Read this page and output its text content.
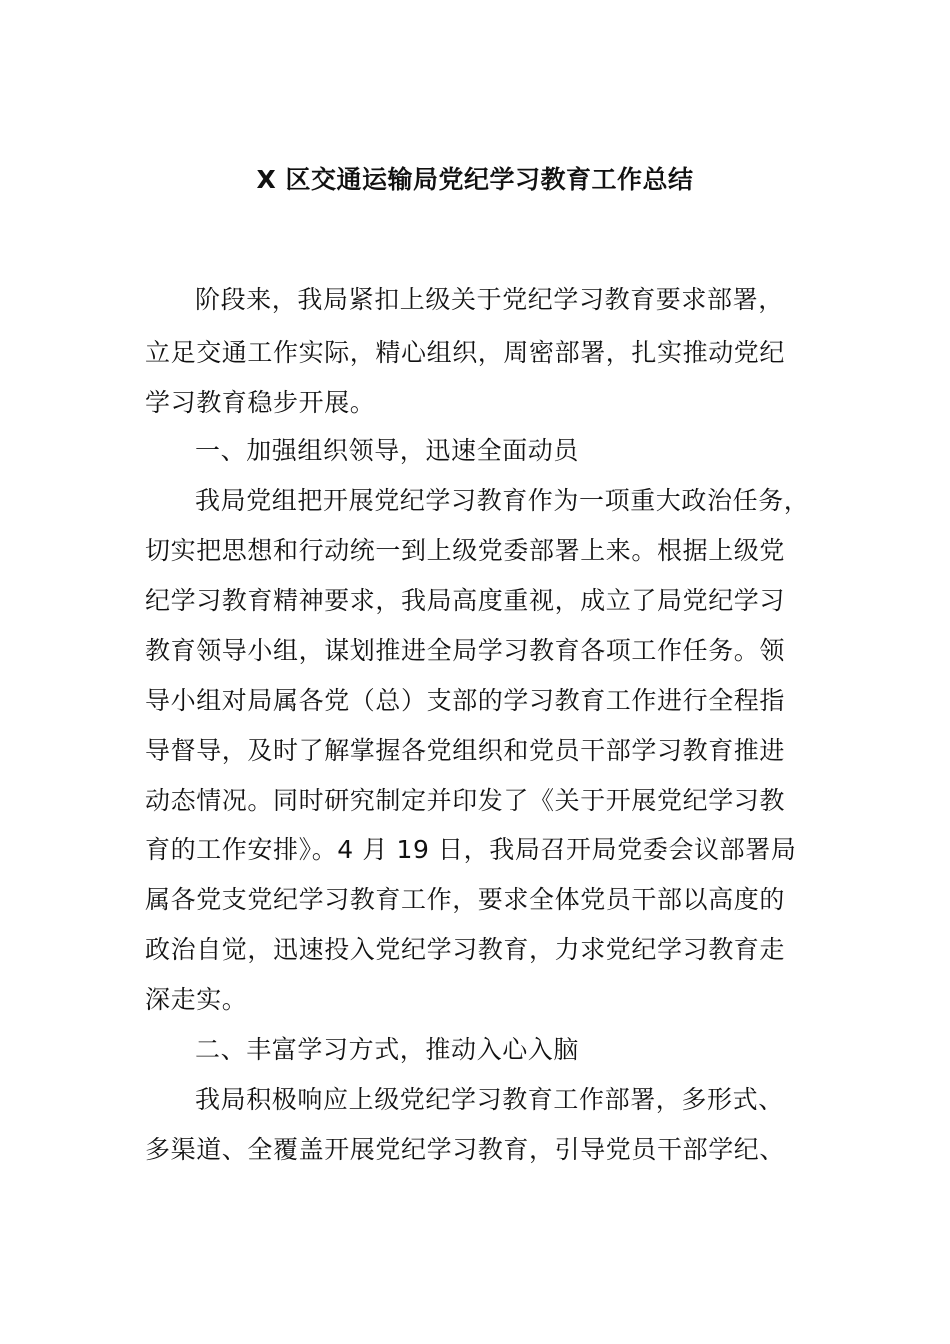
X 区交通运输局党纪学习教育工作总结
阶段来，我局紧扣上级关于党纪学习教育要求部署，
立足交通工作实际，精心组织，周密部署，扎实推动党纪
学习教育稳步开展。
一、加强组织领导，迅速全面动员
我局党组把开展党纪学习教育作为一项重大政治任务，
切实把思想和行动统一到上级党委部署上来。根据上级党
纪学习教育精神要求，我局高度重视，成立了局党纪学习
教育领导小组，谋划推进全局学习教育各项工作任务。领
导小组对局属各党（总）支部的学习教育工作进行全程指
导督导，及时了解掌握各党组织和党员干部学习教育推进
动态情况。同时研究制定并印发了《关于开展党纪学习教
育的工作安排》。4 月 19 日，我局召开局党委会议部署局
属各党支党纪学习教育工作，要求全体党员干部以高度的
政治自觉，迅速投入党纪学习教育，力求党纪学习教育走
深走实。
二、丰富学习方式，推动入心入脑
我局积极响应上级党纪学习教育工作部署，多形式、
多渠道、全覆盖开展党纪学习教育，引导党员干部学纪、
